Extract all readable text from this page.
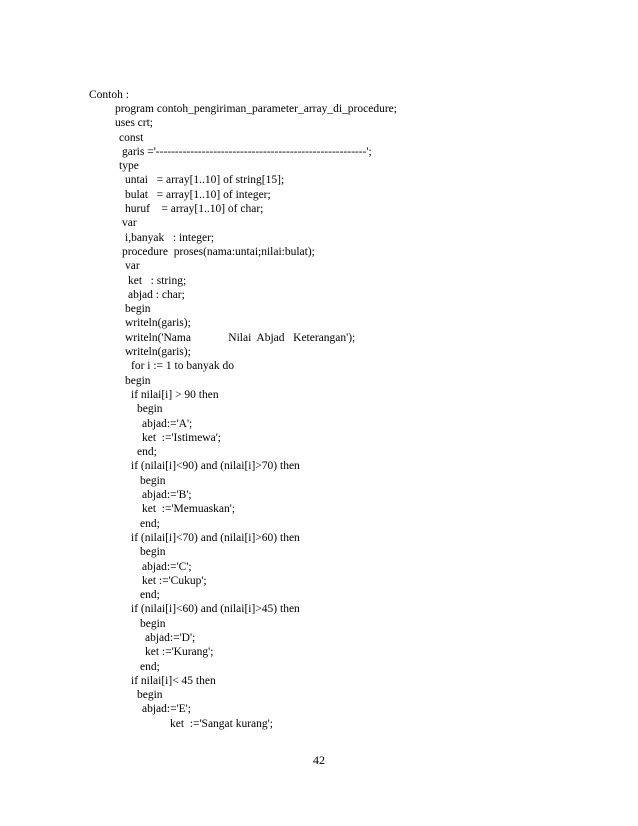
Contoh :
program contoh_pengiriman_parameter_array_di_procedure;
uses crt;
const
garis ='-------------------------------------------------------';
type
untai   = array[1..10] of string[15];
bulat   = array[1..10] of integer;
huruf    = array[1..10] of char;
var
i,banyak   : integer;
procedure  proses(nama:untai;nilai:bulat);
var
ket   : string;
abjad : char;
begin
writeln(garis);
writeln('Nama             Nilai  Abjad   Keterangan');
writeln(garis);
for i := 1 to banyak do
begin
if nilai[i] > 90 then
begin
abjad:='A';
ket  :='Istimewa';
end;
if (nilai[i]<90) and (nilai[i]>70) then
begin
abjad:='B';
ket  :='Memuaskan';
end;
if (nilai[i]<70) and (nilai[i]>60) then
begin
abjad:='C';
ket :='Cukup';
end;
if (nilai[i]<60) and (nilai[i]>45) then
begin
abjad:='D';
ket :='Kurang';
end;
if nilai[i]< 45 then
begin
abjad:='E';
ket  :='Sangat kurang';
42
